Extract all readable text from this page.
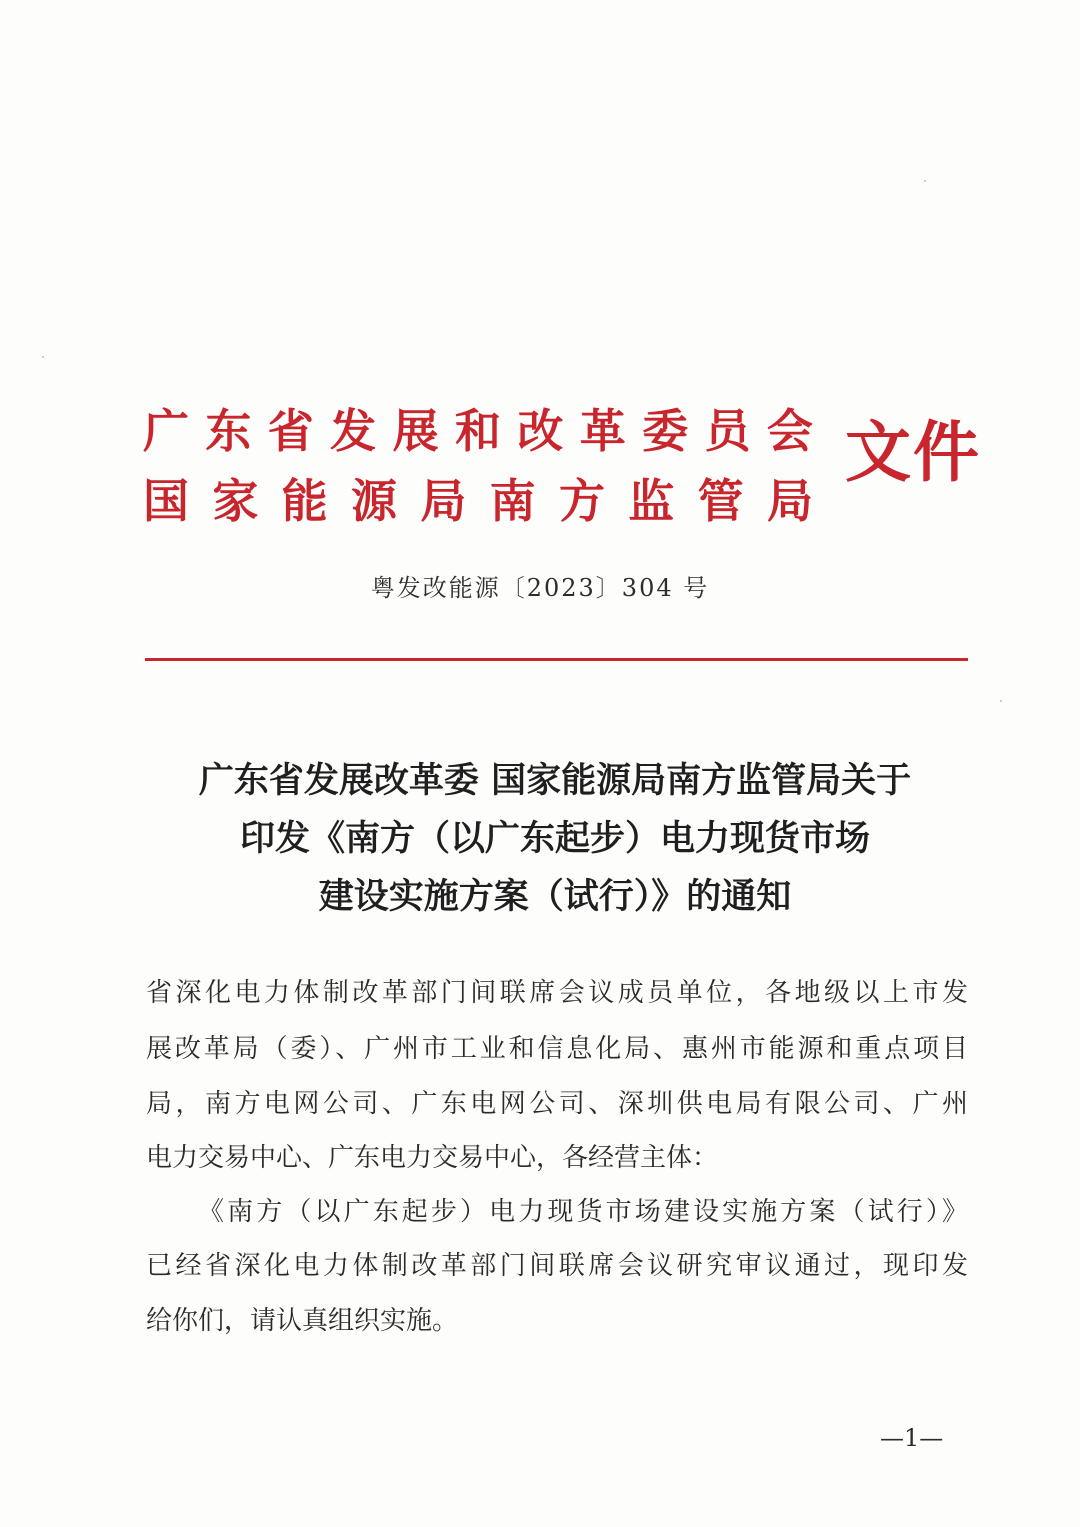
广 东 省 发 展 和 改 革 委 员 会
国 家 能 源 局 南 方 监 管 局
文件
粤发改能源〔2023〕304 号
广东省发展改革委 国家能源局南方监管局关于
印发《南方（以广东起步）电力现货市场
建设实施方案（试行）》的通知
省深化电力体制改革部门间联席会议成员单位，各地级以上市发
展改革局（委）、广州市工业和信息化局、惠州市能源和重点项目
局，南方电网公司、广东电网公司、深圳供电局有限公司、广州
电力交易中心、广东电力交易中心，各经营主体：
《南方（以广东起步）电力现货市场建设实施方案（试行）》
已经省深化电力体制改革部门间联席会议研究审议通过，现印发
给你们，请认真组织实施。
—1—
